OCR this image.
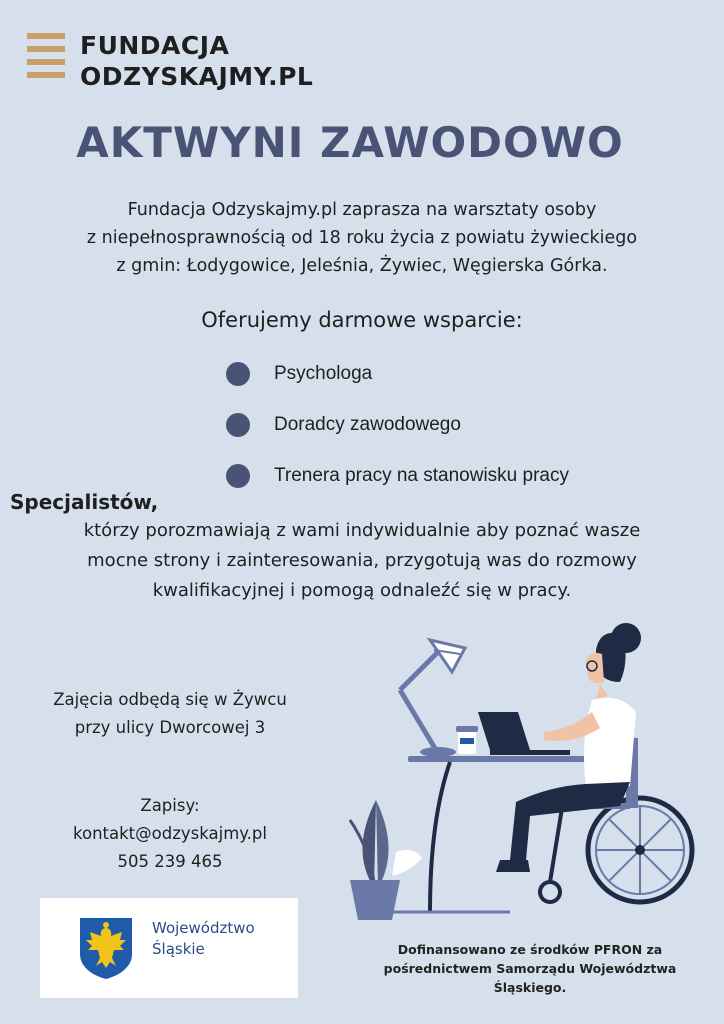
FUNDACJA
ODZYSKAJMY.PL
AKTWYNI ZAWODOWO
Fundacja Odzyskajmy.pl zaprasza na warsztaty osoby
z niepełnosprawnością od 18 roku życia z powiatu żywieckiego
z gmin: Łodygowice, Jeleśnia, Żywiec, Węgierska Górka.
Oferujemy darmowe wsparcie:
Psychologa
Doradcy zawodowego
Trenera pracy na stanowisku pracy
Specjalistów,
którzy porozmawiają z wami indywidualnie aby poznać wasze
mocne strony i zainteresowania, przygotują was do rozmowy
kwalifikacyjnej i pomogą odnaleźć się w pracy.
Zajęcia odbędą się w Żywcu
przy ulicy Dworcowej 3
Zapisy:
kontakt@odzyskajmy.pl
505 239 465
Województwo
Śląskie	Dofinansowano ze środków PFRON za
pośrednictwem Samorządu Województwa
Śląskiego.
